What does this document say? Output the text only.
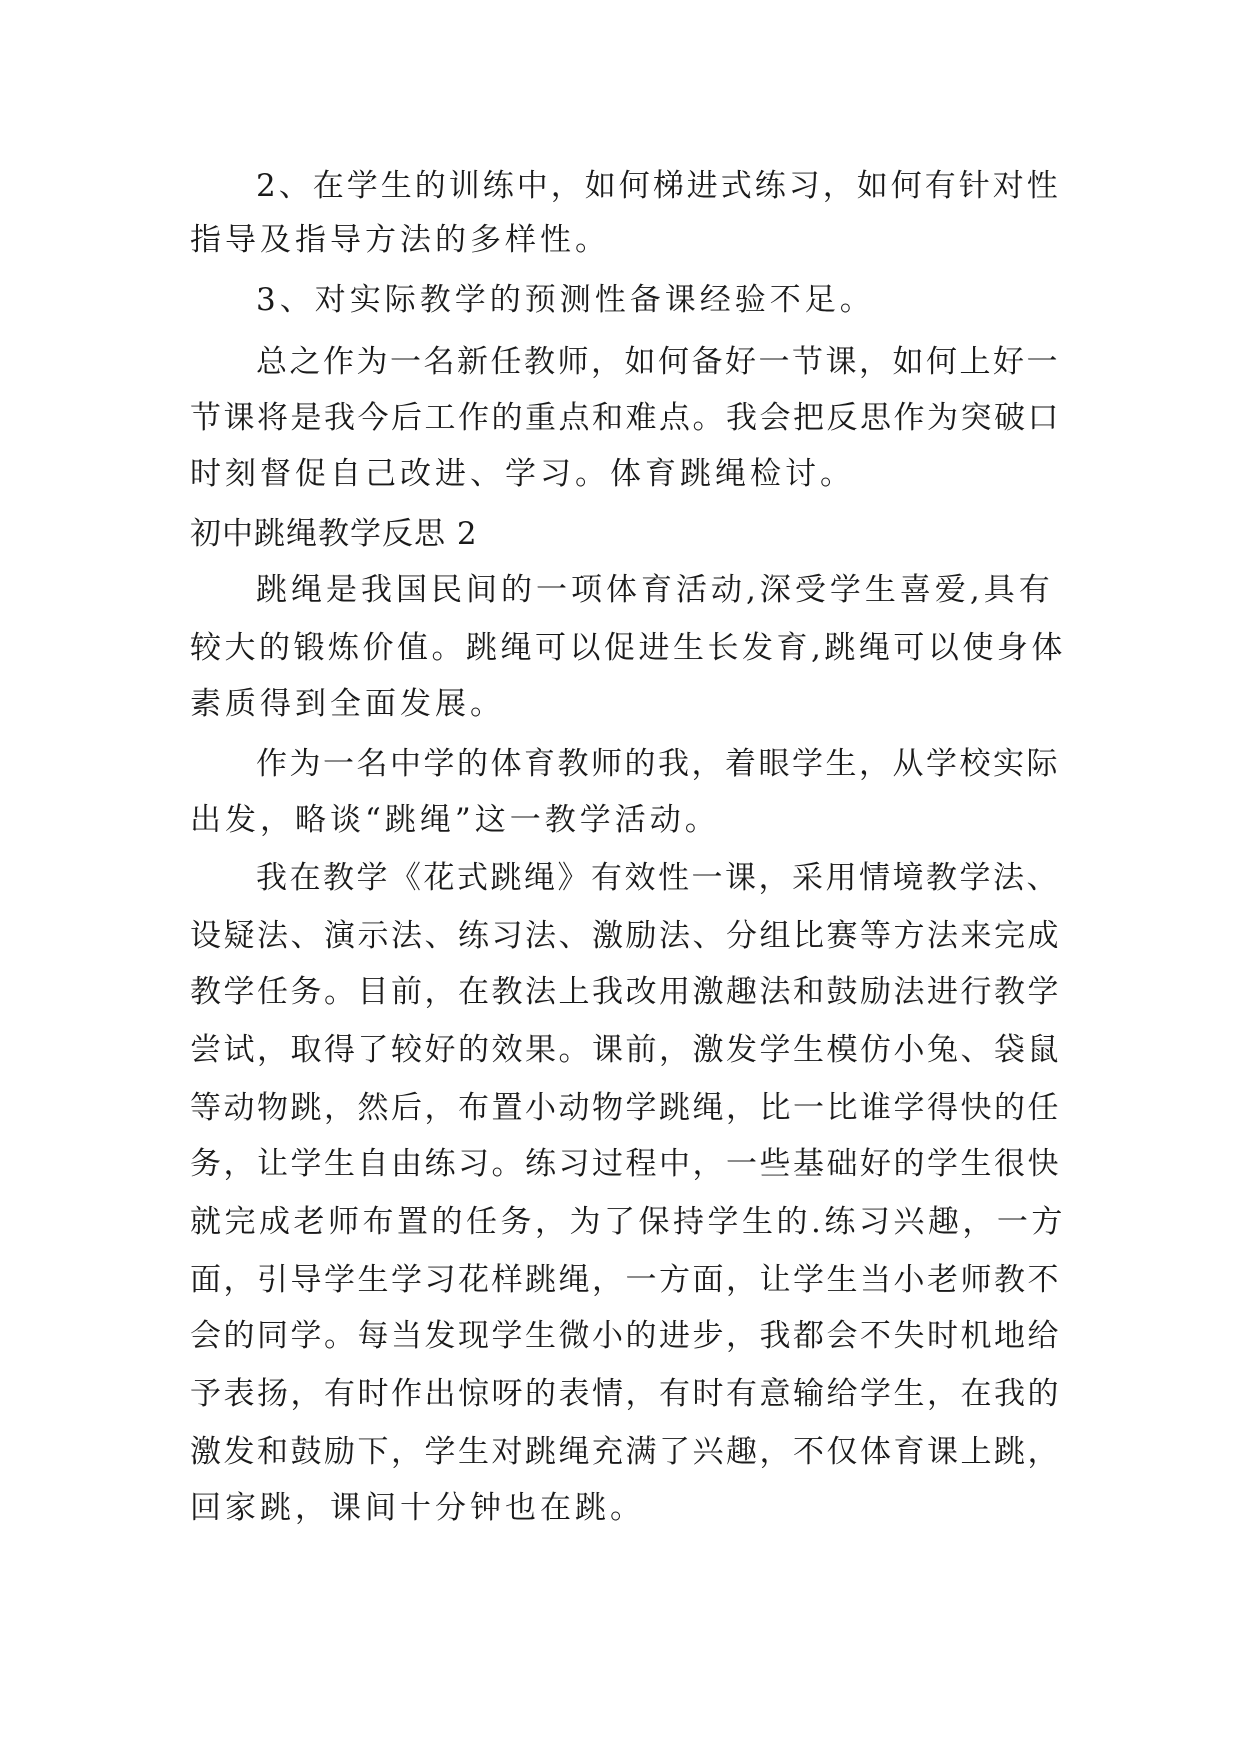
2、在学生的训练中，如何梯进式练习，如何有针对性
指导及指导方法的多样性。
3、对实际教学的预测性备课经验不足。
总之作为一名新任教师，如何备好一节课，如何上好一
节课将是我今后工作的重点和难点。我会把反思作为突破口
时刻督促自己改进、学习。体育跳绳检讨。
初中跳绳教学反思 2
跳绳是我国民间的一项体育活动,深受学生喜爱,具有
较大的锻炼价值。跳绳可以促进生长发育,跳绳可以使身体
素质得到全面发展。
作为一名中学的体育教师的我，着眼学生，从学校实际
出发，略谈“跳绳”这一教学活动。
我在教学《花式跳绳》有效性一课，采用情境教学法、
设疑法、演示法、练习法、激励法、分组比赛等方法来完成
教学任务。目前，在教法上我改用激趣法和鼓励法进行教学
尝试，取得了较好的效果。课前，激发学生模仿小兔、袋鼠
等动物跳，然后，布置小动物学跳绳，比一比谁学得快的任
务，让学生自由练习。练习过程中，一些基础好的学生很快
就完成老师布置的任务，为了保持学生的.练习兴趣，一方
面，引导学生学习花样跳绳，一方面，让学生当小老师教不
会的同学。每当发现学生微小的进步，我都会不失时机地给
予表扬，有时作出惊呀的表情，有时有意输给学生，在我的
激发和鼓励下，学生对跳绳充满了兴趣，不仅体育课上跳，
回家跳，课间十分钟也在跳。
